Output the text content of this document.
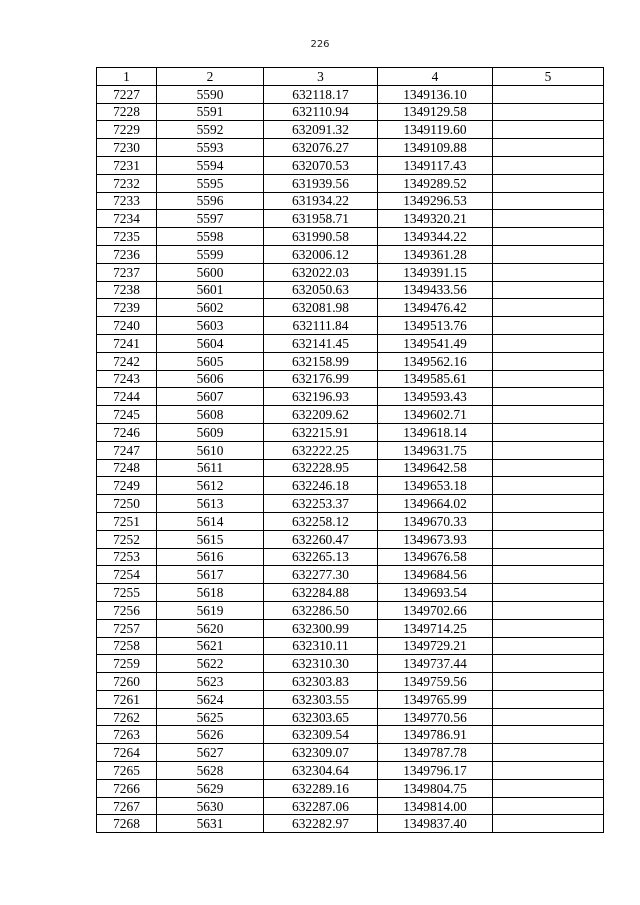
226
1	2	3	4	5
7227	5590	632118.17	1349136.10	
7228	5591	632110.94	1349129.58	
7229	5592	632091.32	1349119.60	
7230	5593	632076.27	1349109.88	
7231	5594	632070.53	1349117.43	
7232	5595	631939.56	1349289.52	
7233	5596	631934.22	1349296.53	
7234	5597	631958.71	1349320.21	
7235	5598	631990.58	1349344.22	
7236	5599	632006.12	1349361.28	
7237	5600	632022.03	1349391.15	
7238	5601	632050.63	1349433.56	
7239	5602	632081.98	1349476.42	
7240	5603	632111.84	1349513.76	
7241	5604	632141.45	1349541.49	
7242	5605	632158.99	1349562.16	
7243	5606	632176.99	1349585.61	
7244	5607	632196.93	1349593.43	
7245	5608	632209.62	1349602.71	
7246	5609	632215.91	1349618.14	
7247	5610	632222.25	1349631.75	
7248	5611	632228.95	1349642.58	
7249	5612	632246.18	1349653.18	
7250	5613	632253.37	1349664.02	
7251	5614	632258.12	1349670.33	
7252	5615	632260.47	1349673.93	
7253	5616	632265.13	1349676.58	
7254	5617	632277.30	1349684.56	
7255	5618	632284.88	1349693.54	
7256	5619	632286.50	1349702.66	
7257	5620	632300.99	1349714.25	
7258	5621	632310.11	1349729.21	
7259	5622	632310.30	1349737.44	
7260	5623	632303.83	1349759.56	
7261	5624	632303.55	1349765.99	
7262	5625	632303.65	1349770.56	
7263	5626	632309.54	1349786.91	
7264	5627	632309.07	1349787.78	
7265	5628	632304.64	1349796.17	
7266	5629	632289.16	1349804.75	
7267	5630	632287.06	1349814.00	
7268	5631	632282.97	1349837.40	
